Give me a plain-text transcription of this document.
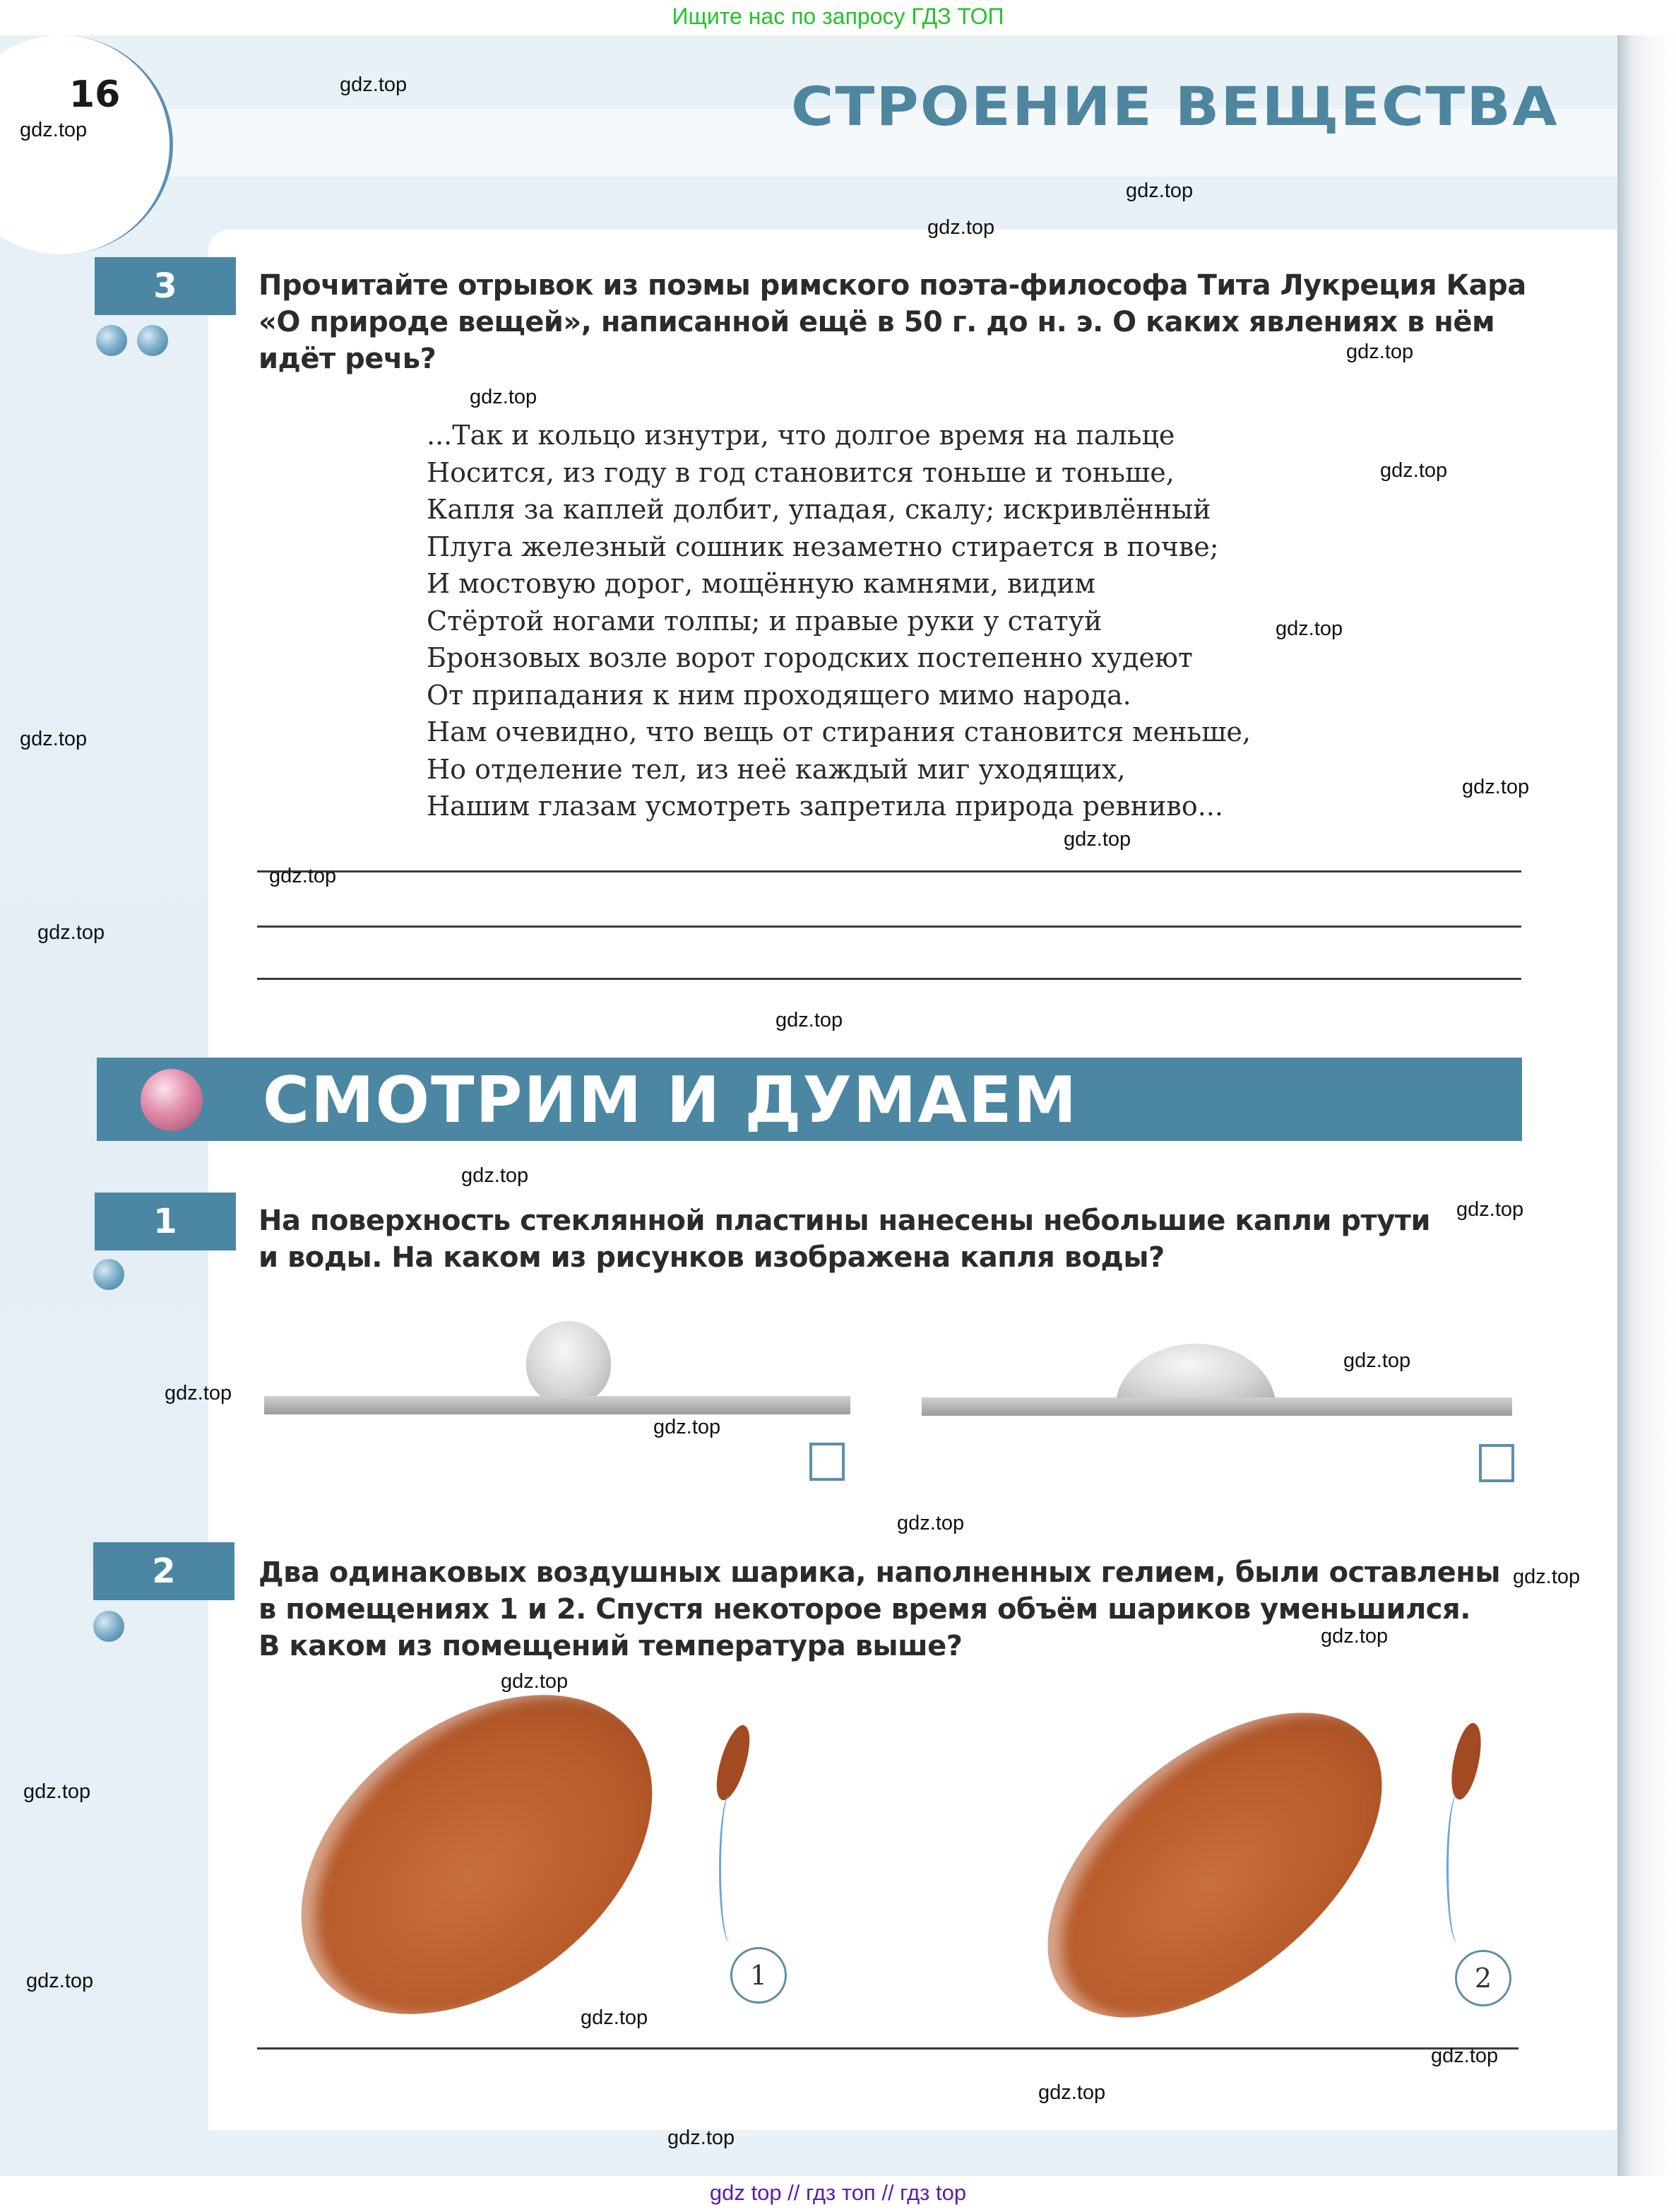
Ищите нас по запросу ГДЗ ТОП
16	СТРОЕНИЕ ВЕЩЕСТВА
3	Прочитайте отрывок из поэмы римского поэта-философа Тита Лукреция Кара
«О природе вещей», написанной ещё в 50 г. до н. э. О каких явлениях в нём
идёт речь?
...Так и кольцо изнутри, что долгое время на пальце
Носится, из году в год становится тоньше и тоньше,
Капля за каплей долбит, упадая, скалу; искривлённый
Плуга железный сошник незаметно стирается в почве;
И мостовую дорог, мощённую камнями, видим
Стёртой ногами толпы; и правые руки у статуй
Бронзовых возле ворот городских постепенно худеют
От припадания к ним проходящего мимо народа.
Нам очевидно, что вещь от стирания становится меньше,
Но отделение тел, из неё каждый миг уходящих,
Нашим глазам усмотреть запретила природа ревниво...
СМОТРИМ И ДУМАЕМ
1	На поверхность стеклянной пластины нанесены небольшие капли ртути
и воды. На каком из рисунков изображена капля воды?
2	Два одинаковых воздушных шарика, наполненных гелием, были оставлены
в помещениях 1 и 2. Спустя некоторое время объём шариков уменьшился.
В каком из помещений температура выше?
1	2
gdz.top
gdz.top
gdz.top
gdz.top
gdz.top
gdz.top
gdz.top
gdz.top
gdz.top
gdz.top
gdz.top
gdz.top
gdz.top
gdz.top
gdz.top
gdz.top
gdz.top
gdz.top
gdz.top
gdz.top
gdz.top
gdz.top
gdz.top
gdz.top
gdz.top
gdz.top
gdz.top
gdz.top
gdz.top
gdz top // гдз топ // гдз top
